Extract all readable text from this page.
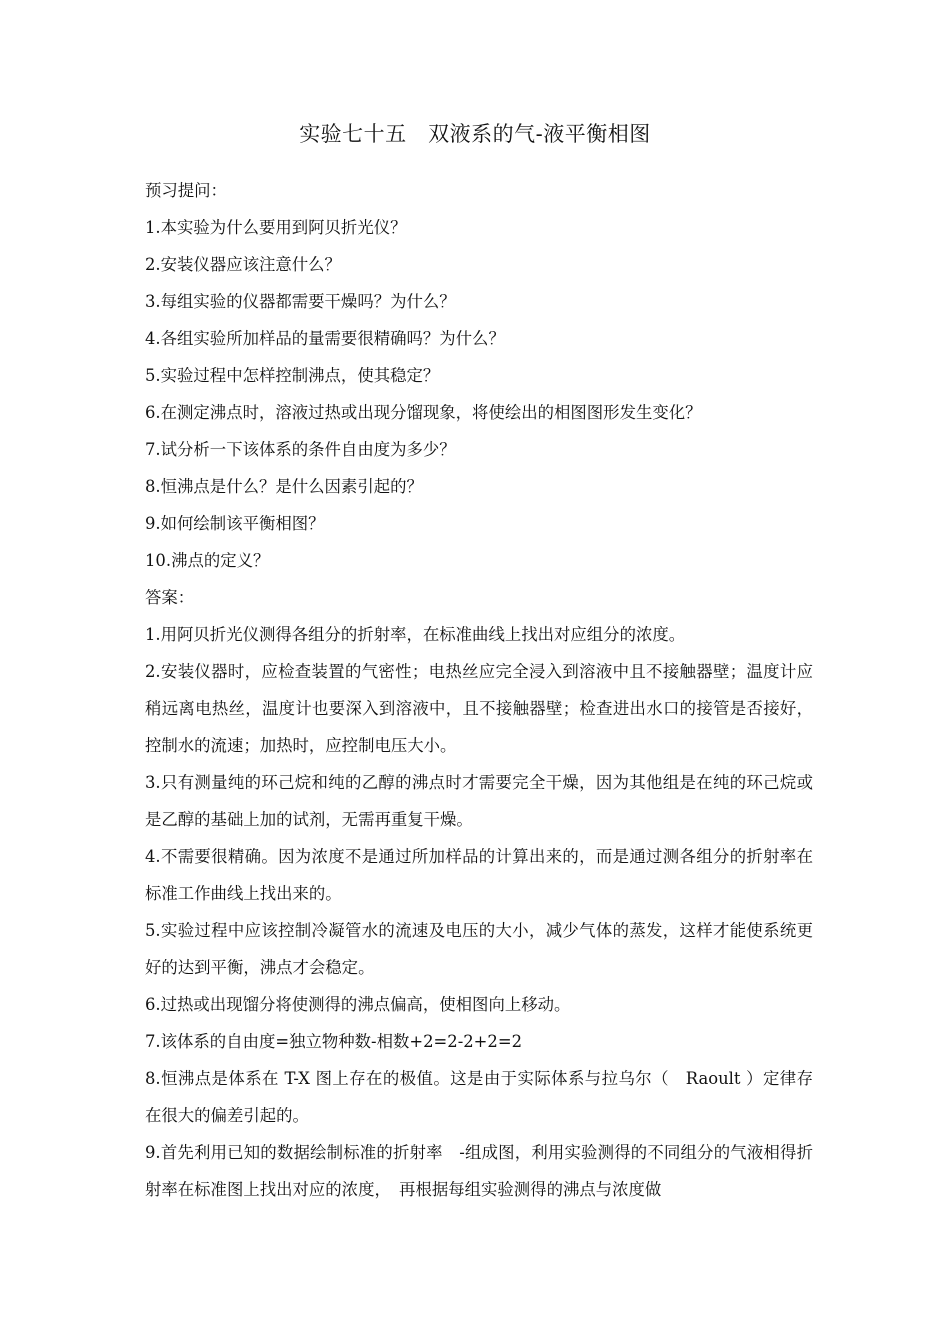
实验七十五　双液系的气-液平衡相图
预习提问：
1.本实验为什么要用到阿贝折光仪？
2.安装仪器应该注意什么？
3.每组实验的仪器都需要干燥吗？为什么？
4.各组实验所加样品的量需要很精确吗？为什么？
5.实验过程中怎样控制沸点，使其稳定？
6.在测定沸点时，溶液过热或出现分馏现象，将使绘出的相图图形发生变化？
7.试分析一下该体系的条件自由度为多少？
8.恒沸点是什么？是什么因素引起的？
9.如何绘制该平衡相图？
10.沸点的定义？
答案：
1.用阿贝折光仪测得各组分的折射率，在标准曲线上找出对应组分的浓度。
2.安装仪器时，应检查装置的气密性；电热丝应完全浸入到溶液中且不接触器壁；温度计应稍远离电热丝，温度计也要深入到溶液中，且不接触器壁；检查进出水口的接管是否接好，控制水的流速；加热时，应控制电压大小。
3.只有测量纯的环己烷和纯的乙醇的沸点时才需要完全干燥，因为其他组是在纯的环己烷或是乙醇的基础上加的试剂，无需再重复干燥。
4.不需要很精确。因为浓度不是通过所加样品的计算出来的，而是通过测各组分的折射率在标准工作曲线上找出来的。
5.实验过程中应该控制冷凝管水的流速及电压的大小，减少气体的蒸发，这样才能使系统更好的达到平衡，沸点才会稳定。
6.过热或出现馏分将使测得的沸点偏高，使相图向上移动。
7.该体系的自由度=独立物种数-相数+2=2-2+2=2
8.恒沸点是体系在 T-X 图上存在的极值。这是由于实际体系与拉乌尔（　Raoult ）定律存在很大的偏差引起的。
9.首先利用已知的数据绘制标准的折射率　-组成图，利用实验测得的不同组分的气液相得折射率在标准图上找出对应的浓度，　再根据每组实验测得的沸点与浓度做
